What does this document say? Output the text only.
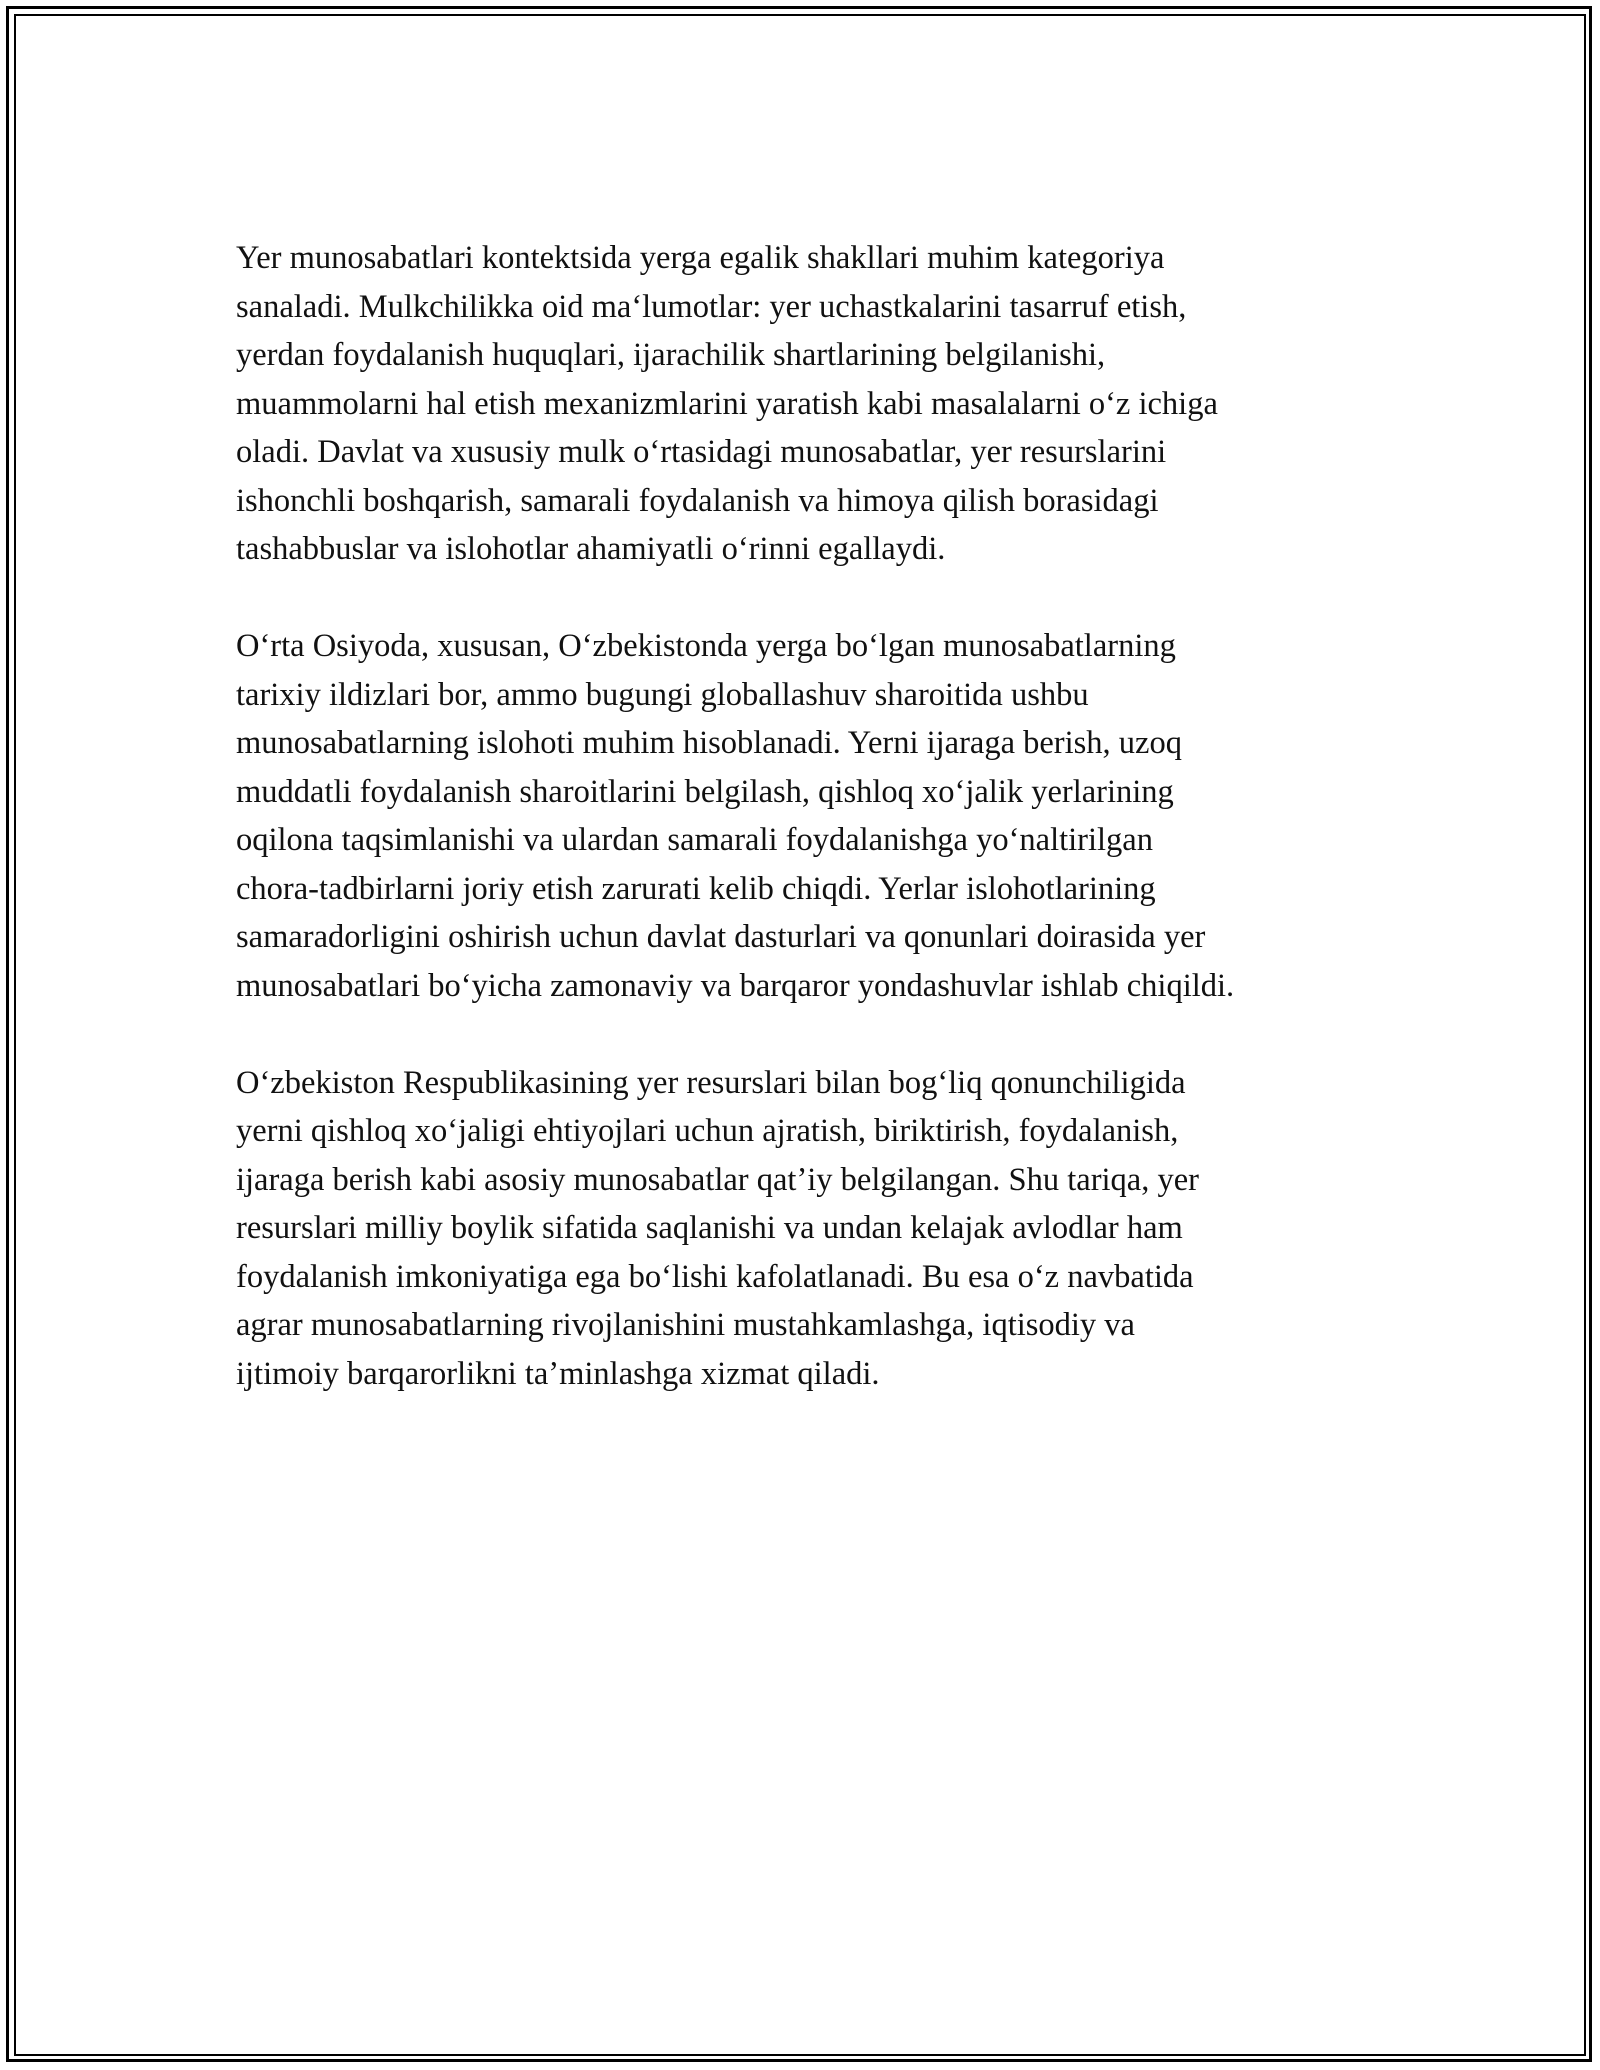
Yer munosabatlari kontektsida yerga egalik shakllari muhim kategoriya
sanaladi. Mulkchilikka oid maʻlumotlar: yer uchastkalarini tasarruf etish,
yerdan foydalanish huquqlari, ijarachilik shartlarining belgilanishi,
muammolarni hal etish mexanizmlarini yaratish kabi masalalarni oʻz ichiga
oladi. Davlat va xususiy mulk oʻrtasidagi munosabatlar, yer resurslarini
ishonchli boshqarish, samarali foydalanish va himoya qilish borasidagi
tashabbuslar va islohotlar ahamiyatli oʻrinni egallaydi.

Oʻrta Osiyoda, xususan, Oʻzbekistonda yerga boʻlgan munosabatlarning
tarixiy ildizlari bor, ammo bugungi globallashuv sharoitida ushbu
munosabatlarning islohoti muhim hisoblanadi. Yerni ijaraga berish, uzoq
muddatli foydalanish sharoitlarini belgilash, qishloq xoʻjalik yerlarining
oqilona taqsimlanishi va ulardan samarali foydalanishga yoʻnaltirilgan
chora-tadbirlarni joriy etish zarurati kelib chiqdi. Yerlar islohotlarining
samaradorligini oshirish uchun davlat dasturlari va qonunlari doirasida yer
munosabatlari boʻyicha zamonaviy va barqaror yondashuvlar ishlab chiqildi.

Oʻzbekiston Respublikasining yer resurslari bilan bogʻliq qonunchiligida
yerni qishloq xoʻjaligi ehtiyojlari uchun ajratish, biriktirish, foydalanish,
ijaraga berish kabi asosiy munosabatlar qatʼiy belgilangan. Shu tariqa, yer
resurslari milliy boylik sifatida saqlanishi va undan kelajak avlodlar ham
foydalanish imkoniyatiga ega boʻlishi kafolatlanadi. Bu esa oʻz navbatida
agrar munosabatlarning rivojlanishini mustahkamlashga, iqtisodiy va
ijtimoiy barqarorlikni taʼminlashga xizmat qiladi.
